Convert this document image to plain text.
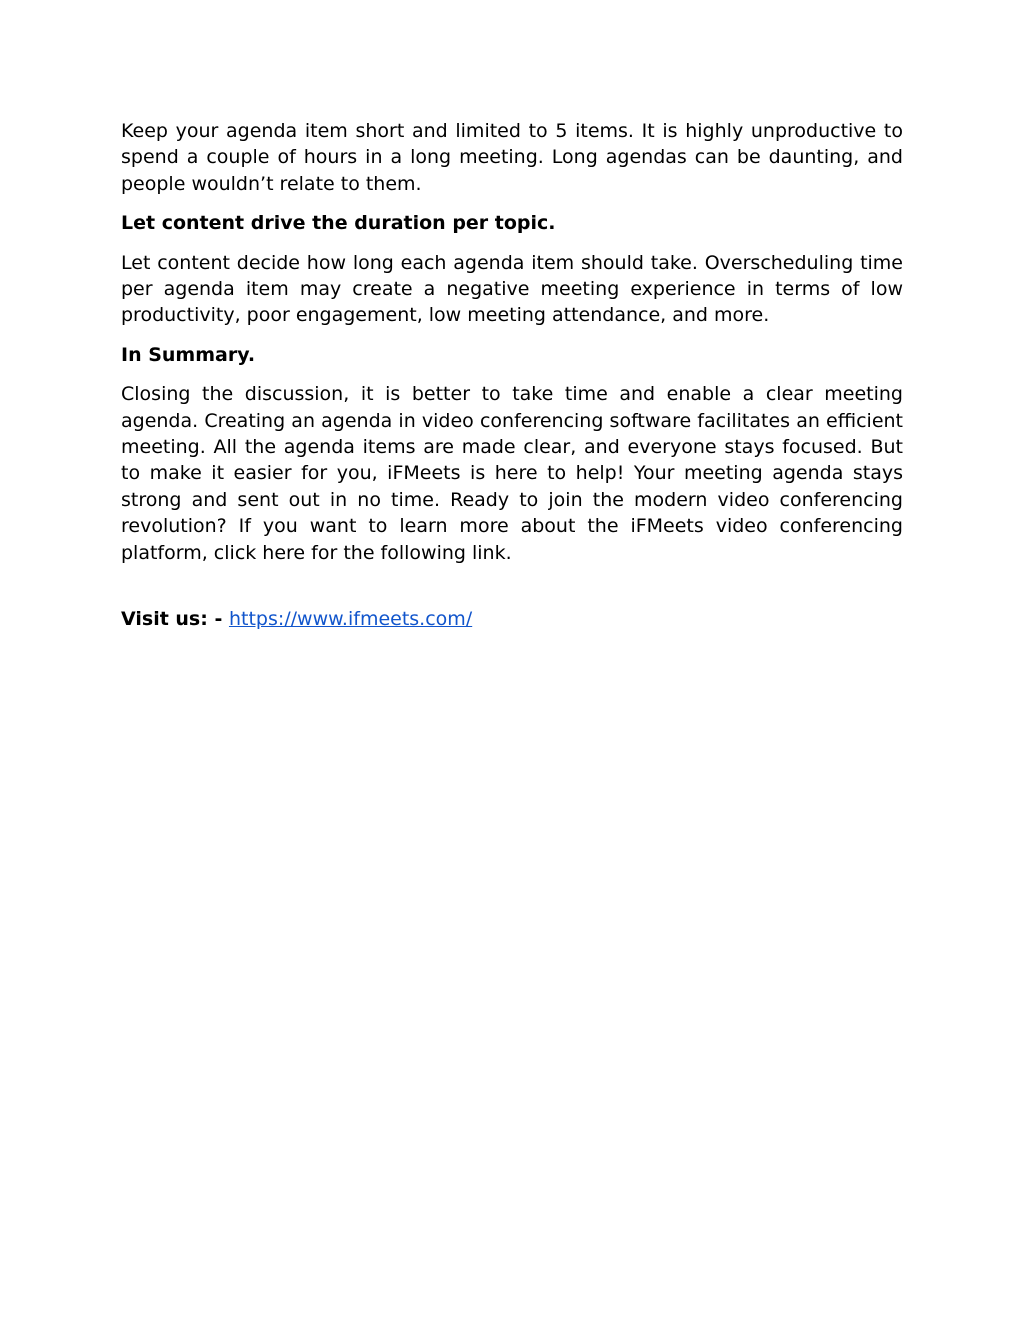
Keep your agenda item short and limited to 5 items. It is highly unproductive to spend a couple of hours in a long meeting. Long agendas can be daunting, and people wouldn’t relate to them.

Let content drive the duration per topic.

Let content decide how long each agenda item should take. Overscheduling time per agenda item may create a negative meeting experience in terms of low productivity, poor engagement, low meeting attendance, and more.

In Summary.

Closing the discussion, it is better to take time and enable a clear meeting agenda. Creating an agenda in video conferencing software facilitates an efficient meeting. All the agenda items are made clear, and everyone stays focused. But to make it easier for you, iFMeets is here to help! Your meeting agenda stays strong and sent out in no time. Ready to join the modern video conferencing revolution? If you want to learn more about the iFMeets video conferencing platform, click here for the following link.

Visit us: - https://www.ifmeets.com/
